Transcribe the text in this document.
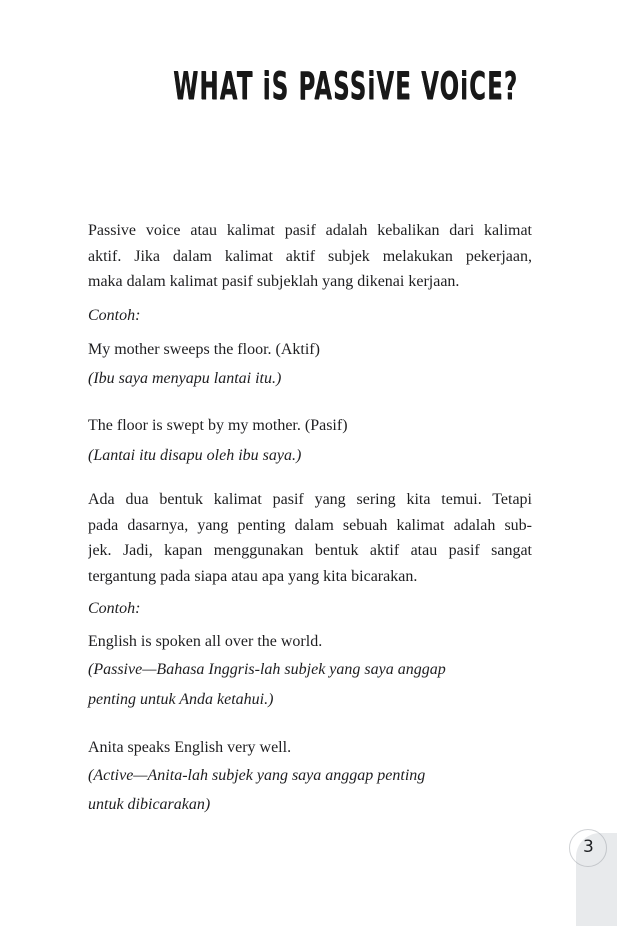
WHAT iS PASSiVE VOiCE?
Passive voice atau kalimat pasif adalah kebalikan dari kalimat
aktif. Jika dalam kalimat aktif subjek melakukan pekerjaan,
maka dalam kalimat pasif subjeklah yang dikenai kerjaan.
Contoh:
My mother sweeps the floor. (Aktif)
(Ibu saya menyapu lantai itu.)
The floor is swept by my mother. (Pasif)
(Lantai itu disapu oleh ibu saya.)
Ada dua bentuk kalimat pasif yang sering kita temui. Tetapi
pada dasarnya, yang penting dalam sebuah kalimat adalah sub-
jek. Jadi, kapan menggunakan bentuk aktif atau pasif sangat
tergantung pada siapa atau apa yang kita bicarakan.
Contoh:
English is spoken all over the world.
(Passive—Bahasa Inggris-lah subjek yang saya anggap
penting untuk Anda ketahui.)
Anita speaks English very well.
(Active—Anita-lah subjek yang saya anggap penting
untuk dibicarakan)
3
